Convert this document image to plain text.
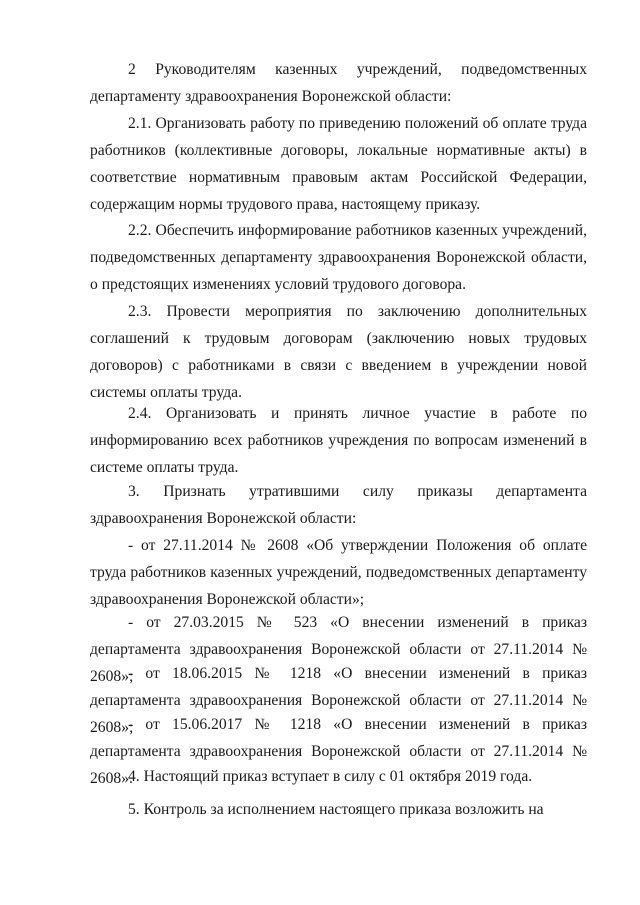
2 Руководителям казенных учреждений, подведомственных департаменту здравоохранения Воронежской области:

2.1. Организовать работу по приведению положений об оплате труда работников (коллективные договоры, локальные нормативные акты) в соответствие нормативным правовым актам Российской Федерации, содержащим нормы трудового права, настоящему приказу.

2.2. Обеспечить информирование работников казенных учреждений, подведомственных департаменту здравоохранения Воронежской области, о предстоящих изменениях условий трудового договора.

2.3. Провести мероприятия по заключению дополнительных соглашений к трудовым договорам (заключению новых трудовых договоров) с работниками в связи с введением в учреждении новой системы оплаты труда.

2.4. Организовать и принять личное участие в работе по информированию всех работников учреждения по вопросам изменений в системе оплаты труда.

3. Признать утратившими силу приказы департамента здравоохранения Воронежской области:

- от 27.11.2014 № 2608 «Об утверждении Положения об оплате труда работников казенных учреждений, подведомственных департаменту здравоохранения Воронежской области»;

- от 27.03.2015 № 523 «О внесении изменений в приказ департамента здравоохранения Воронежской области от 27.11.2014 № 2608»;

- от 18.06.2015 № 1218 «О внесении изменений в приказ департамента здравоохранения Воронежской области от 27.11.2014 № 2608»;

- от 15.06.2017 № 1218 «О внесении изменений в приказ департамента здравоохранения Воронежской области от 27.11.2014 № 2608».

4. Настоящий приказ вступает в силу с 01 октября 2019 года.

5. Контроль за исполнением настоящего приказа возложить на
